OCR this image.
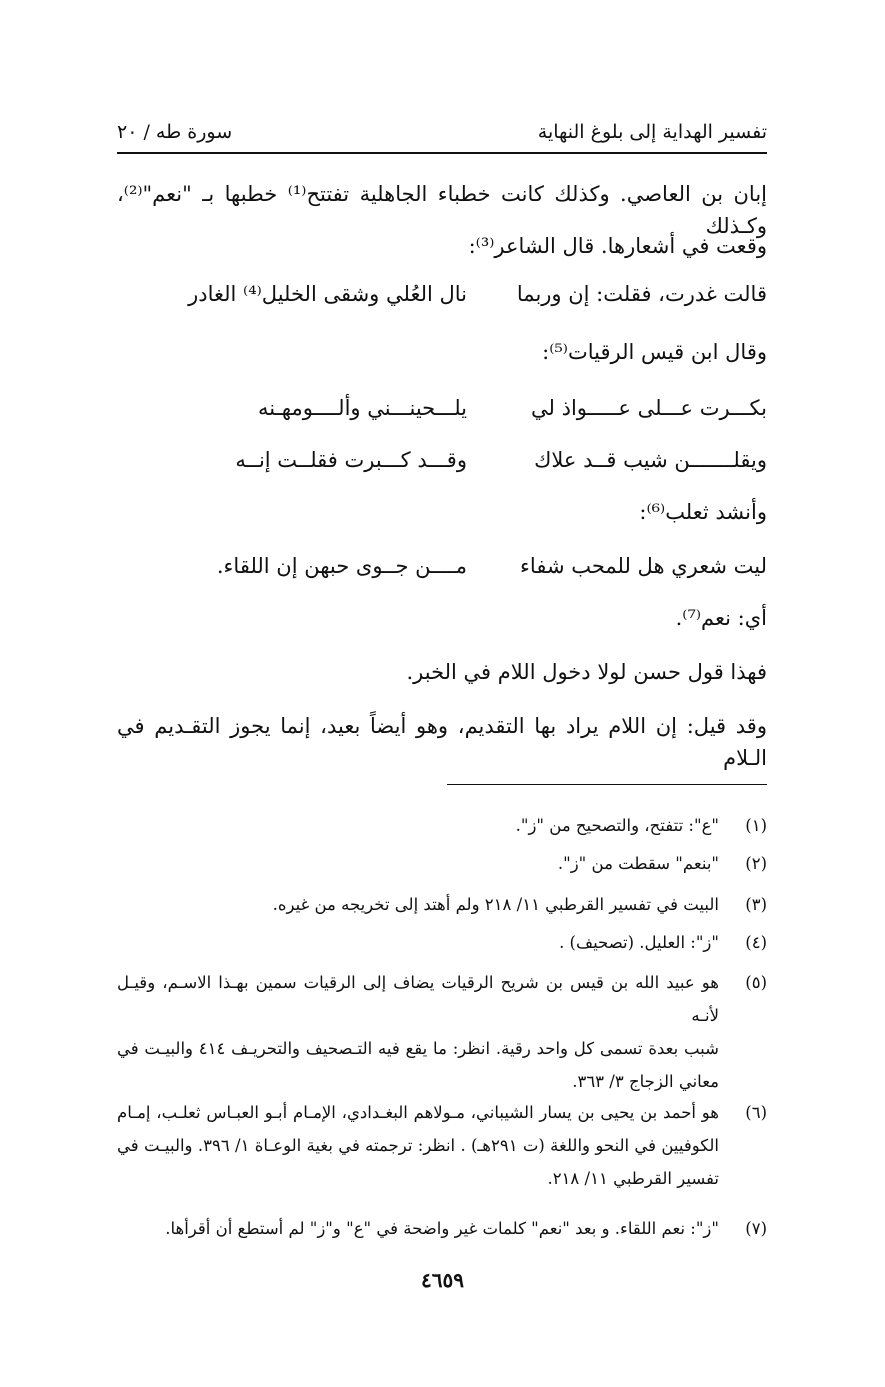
تفسير الهداية إلى بلوغ النهاية
سورة طه / ٢٠
إبان بن العاصي. وكذلك كانت خطباء الجاهلية تفتتح⁽¹⁾ خطبها بـ "نعم"⁽²⁾، وكـذلك
وقعت في أشعارها. قال الشاعر⁽³⁾:
قالت غدرت، فقلت: إن وربما
نال العُلي وشقى الخليل⁽⁴⁾ الغادر
وقال ابن قيس الرقيات⁽⁵⁾:
بكـــرت عـــلى عـــــواذ لي
يلـــحينـــني وألــــومهـنه
ويقلـــــــن شيب قــد علاك
وقـــد كـــبرت فقلــت إنــه
وأنشد ثعلب⁽⁶⁾:
ليت شعري هل للمحب شفاء
مــــن جــوى حبهن إن اللقاء.
أي: نعم⁽⁷⁾.
فهذا قول حسن لولا دخول اللام في الخبر.
وقد قيل: إن اللام يراد بها التقديم، وهو أيضاً بعيد، إنما يجوز التقـديم في الـلام
(١)
"ع": تتفتح، والتصحيح من "ز".
(٢)
"بنعم" سقطت من "ز".
(٣)
البيت في تفسير القرطبي ١١/ ٢١٨ ولم أهتد إلى تخريجه من غيره.
(٤)
"ز": العليل. (تصحيف) .
(٥)
هو عبيد الله بن قيس بن شريح الرقيات يضاف إلى الرقيات سمين بهـذا الاسـم، وقيـل لأنـه
شبب بعدة تسمى كل واحد رقية. انظر: ما يقع فيه التـصحيف والتحريـف ٤١٤ والبيـت في
معاني الزجاج ٣/ ٣٦٣.
(٦)
هو أحمد بن يحيى بن يسار الشيباني، مـولاهم البغـدادي، الإمـام أبـو العبـاس ثعلـب، إمـام
الكوفيين في النحو واللغة (ت ٢٩١هـ) . انظر: ترجمته في بغية الوعـاة ١/ ٣٩٦. والبيـت في
تفسير القرطبي ١١/ ٢١٨.
(٧)
"ز": نعم اللقاء. و بعد "نعم" كلمات غير واضحة في "ع" و"ز" لم أستطع أن أقرأها.
٤٦٥٩
